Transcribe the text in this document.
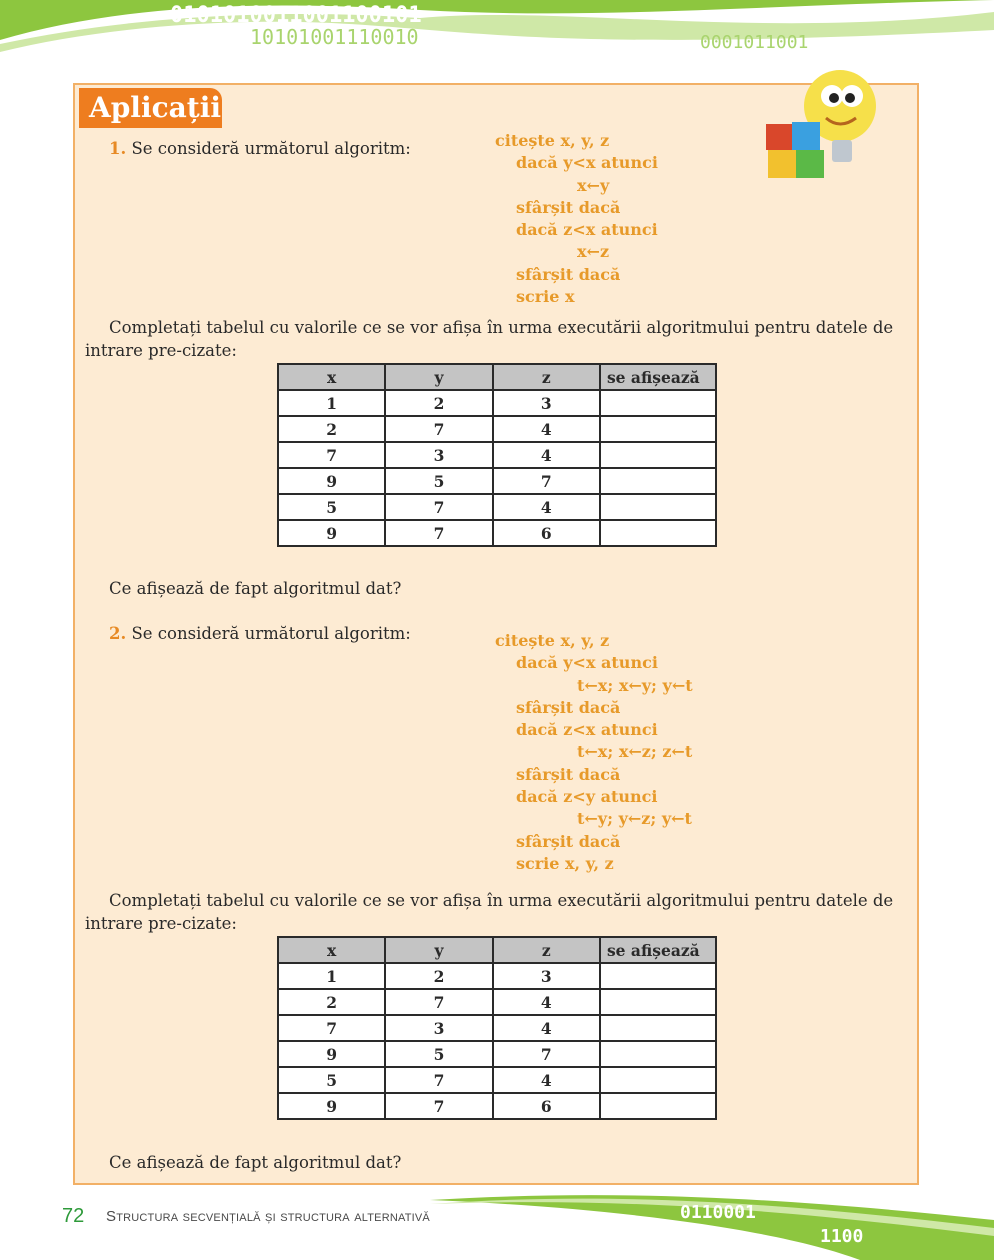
0101010011001100101
10101001110010	0001011001
Aplicații
1. Se consideră următorul algoritm:	citește x, y, z
dacă y<x atunci
x←y
sfârșit dacă
dacă z<x atunci
x←z
sfârșit dacă
scrie x
Completați tabelul cu valorile ce se vor afișa în urma executării algoritmului pentru datele de intrare pre-cizate:
x	y	z	se afișează
1	2	3	
2	7	4	
7	3	4	
9	5	7	
5	7	4	
9	7	6	
Ce afișează de fapt algoritmul dat?
2. Se consideră următorul algoritm:	citește x, y, z
dacă y<x atunci
t←x; x←y; y←t
sfârșit dacă
dacă z<x atunci
t←x; x←z; z←t
sfârșit dacă
dacă z<y atunci
t←y; y←z; y←t
sfârșit dacă
scrie x, y, z
Completați tabelul cu valorile ce se vor afișa în urma executării algoritmului pentru datele de intrare pre-cizate:
x	y	z	se afișează
1	2	3	
2	7	4	
7	3	4	
9	5	7	
5	7	4	
9	7	6	
Ce afișează de fapt algoritmul dat?
0110001
1100
72 Structura secvențială și structura alternativă
